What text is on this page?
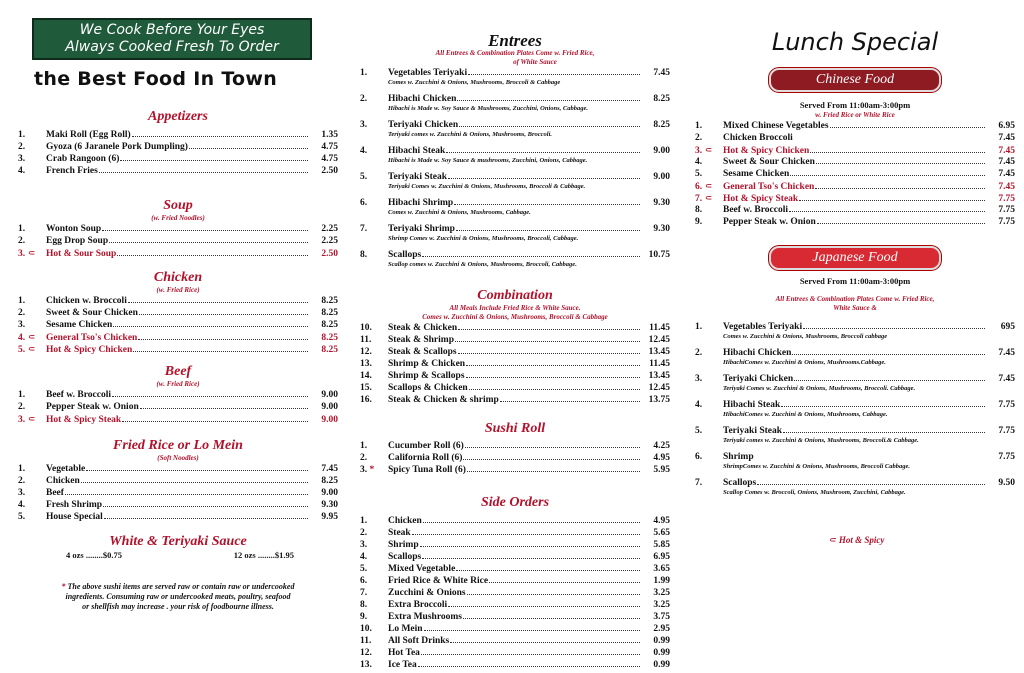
We Cook Before Your Eyes
Always Cooked Fresh To Order
the Best Food In Town
Appetizers
1.	Maki Roll (Egg Roll)	1.35
2.	Gyoza (6 Jaranele Pork Dumpling)	4.75
3.	Crab Rangoon (6)	4.75
4.	French Fries	2.50
Soup
(w. Fried Noodles)
1.	Wonton Soup	2.25
2.	Egg Drop Soup	2.25
3. ⸦	Hot & Sour Soup	2.50
Chicken
(w. Fried Rice)
1.	Chicken w. Broccoli	8.25
2.	Sweet & Sour Chicken	8.25
3.	Sesame Chicken	8.25
4. ⸦	General Tso's Chicken	8.25
5. ⸦	Hot & Spicy Chicken	8.25
Beef
(w. Fried Rice)
1.	Beef w. Broccoli	9.00
2.	Pepper Steak w. Onion	9.00
3. ⸦	Hot & Spicy Steak	9.00
Fried Rice or Lo Mein
(Soft Noodles)
1.	Vegetable	7.45
2.	Chicken	8.25
3.	Beef	9.00
4.	Fresh Shrimp	9.30
5.	House Special	9.95
White & Teriyaki Sauce
4 ozs ........$0.75	12 ozs ........$1.95
* The above sushi items are served raw or contain raw or undercooked
ingredients. Consuming raw or undercooked meats, poultry, seafood
or shellfish may increase . your risk of foodbourne illness.
Entrees
All Entrees & Combination Plates Come w. Fried Rice,
of White Sauce
1.	Vegetables Teriyaki	7.45
Comes w. Zucchini & Onions, Mushrooms, Broccoli & Cabbage
2.	Hibachi Chicken	8.25
Hibachi is Made w. Soy Sauce & Mushrooms, Zucchini, Onions, Cabbage.
3.	Teriyaki Chicken	8.25
Teriyaki comes w. Zucchini & Onions, Mushrooms, Broccoli.
4.	Hibachi Steak	9.00
Hibachi is Made w. Soy Sauce & mushrooms, Zucchini, Onions, Cabbage.
5.	Teriyaki Steak	9.00
Teriyaki Comes w. Zucchini & Onions, Mushrooms, Broccoli & Cabbage.
6.	Hibachi Shrimp	9.30
Comes w. Zucchini & Onions, Mushrooms, Cabbage.
7.	Teriyaki Shrimp	9.30
Shrimp Comes w. Zucchini & Onions, Mushrooms, Broccoli, Cabbage.
8.	Scallops	10.75
Scallop comes w. Zucchini & Onions, Mushrooms, Broccoli, Cabbage.
Combination
All Meals Include Fried Rice & White Sauce.
Comes w. Zucchini & Onions, Mushrooms, Broccoli & Cabbage
10.	Steak & Chicken	11.45
11.	Steak & Shrimp	12.45
12.	Steak & Scallops	13.45
13.	Shrimp & Chicken	11.45
14.	Shrimp & Scallops	13.45
15.	Scallops & Chicken	12.45
16.	Steak & Chicken & shrimp	13.75
Sushi Roll
1.	Cucumber Roll (6)	4.25
2.	California Roll (6)	4.95
3. *	Spicy Tuna Roll (6)	5.95
Side Orders
1.	Chicken	4.95
2.	Steak	5.65
3.	Shrimp	5.85
4.	Scallops	6.95
5.	Mixed Vegetable	3.65
6.	Fried Rice & White Rice	1.99
7.	Zucchini & Onions	3.25
8.	Extra Broccoli	3.25
9.	Extra Mushrooms	3.75
10.	Lo Mein	2.95
11.	All Soft Drinks	0.99
12.	Hot Tea	0.99
13.	Ice Tea	0.99
Lunch Special
Chinese Food
Served From 11:00am-3:00pm
w. Fried Rice or White Rice
1.	Mixed Chinese Vegetables	6.95
2.	Chicken Broccoli	7.45
3. ⸦	Hot & Spicy Chicken	7.45
4.	Sweet & Sour Chicken	7.45
5.	Sesame Chicken	7.45
6. ⸦	General Tso's Chicken	7.45
7. ⸦	Hot & Spicy Steak	7.75
8.	Beef w. Broccoli	7.75
9.	Pepper Steak w. Onion	7.75
Japanese Food
Served From 11:00am-3:00pm
All Entrees & Combination Plates Come w. Fried Rice,
White Sauce &
1.	Vegetables Teriyaki	695
Comes w. Zucchini & Onions, Mushrooms, Broccoli cabbage
2.	Hibachi Chicken	7.45
HibachiComes w. Zucchini & Onions, Mushrooms.Cabbage.
3.	Teriyaki Chicken	7.45
Teriyaki Comes w. Zucchini & Onions, Mushrooms, Broccoli. Cabbage.
4.	Hibachi Steak	7.75
HibachiComes w. Zucchini & Onions, Mushrooms, Cabbage.
5.	Teriyaki Steak	7.75
Teriyaki comes w. Zucchini & Onions, Mushrooms, Broccoli.& Cabbage.
6.	Shrimp	7.75
ShrimpComes w. Zucchini & Onions, Mushrooms, Broccoli Cabbage.
7.	Scallops	9.50
Scallop Comes w. Broccoli, Onions, Mushroom, Zucchini, Cabbage.
⸦ Hot & Spicy
